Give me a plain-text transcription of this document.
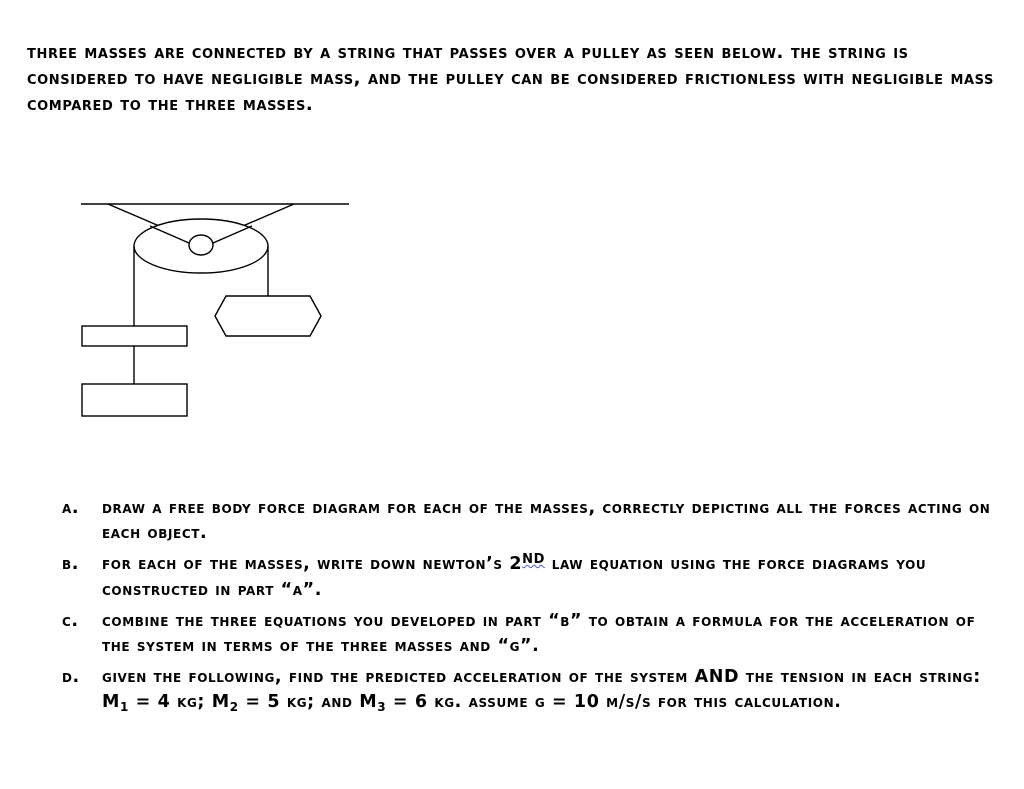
three masses are connected by a string that passes over a pulley as seen below. the string is considered to have negligible mass, and the pulley can be considered frictionless with negligible mass compared to the three masses.
a. draw a free body force diagram for each of the masses, correctly depicting all the forces acting on each object.
b. for each of the masses, write down newton’s 2ND law equation using the force diagrams you constructed in part “a”.
c. combine the three equations you developed in part “b” to obtain a formula for the acceleration of the system in terms of the three masses and “g”.
d. given the following, find the predicted acceleration of the system AND the tension in each string: $M_1 = 4$ kg; $M_2 = 5$ kg; and $M_3 = 6$ kg. assume g = 10 m/s/s for this calculation.
